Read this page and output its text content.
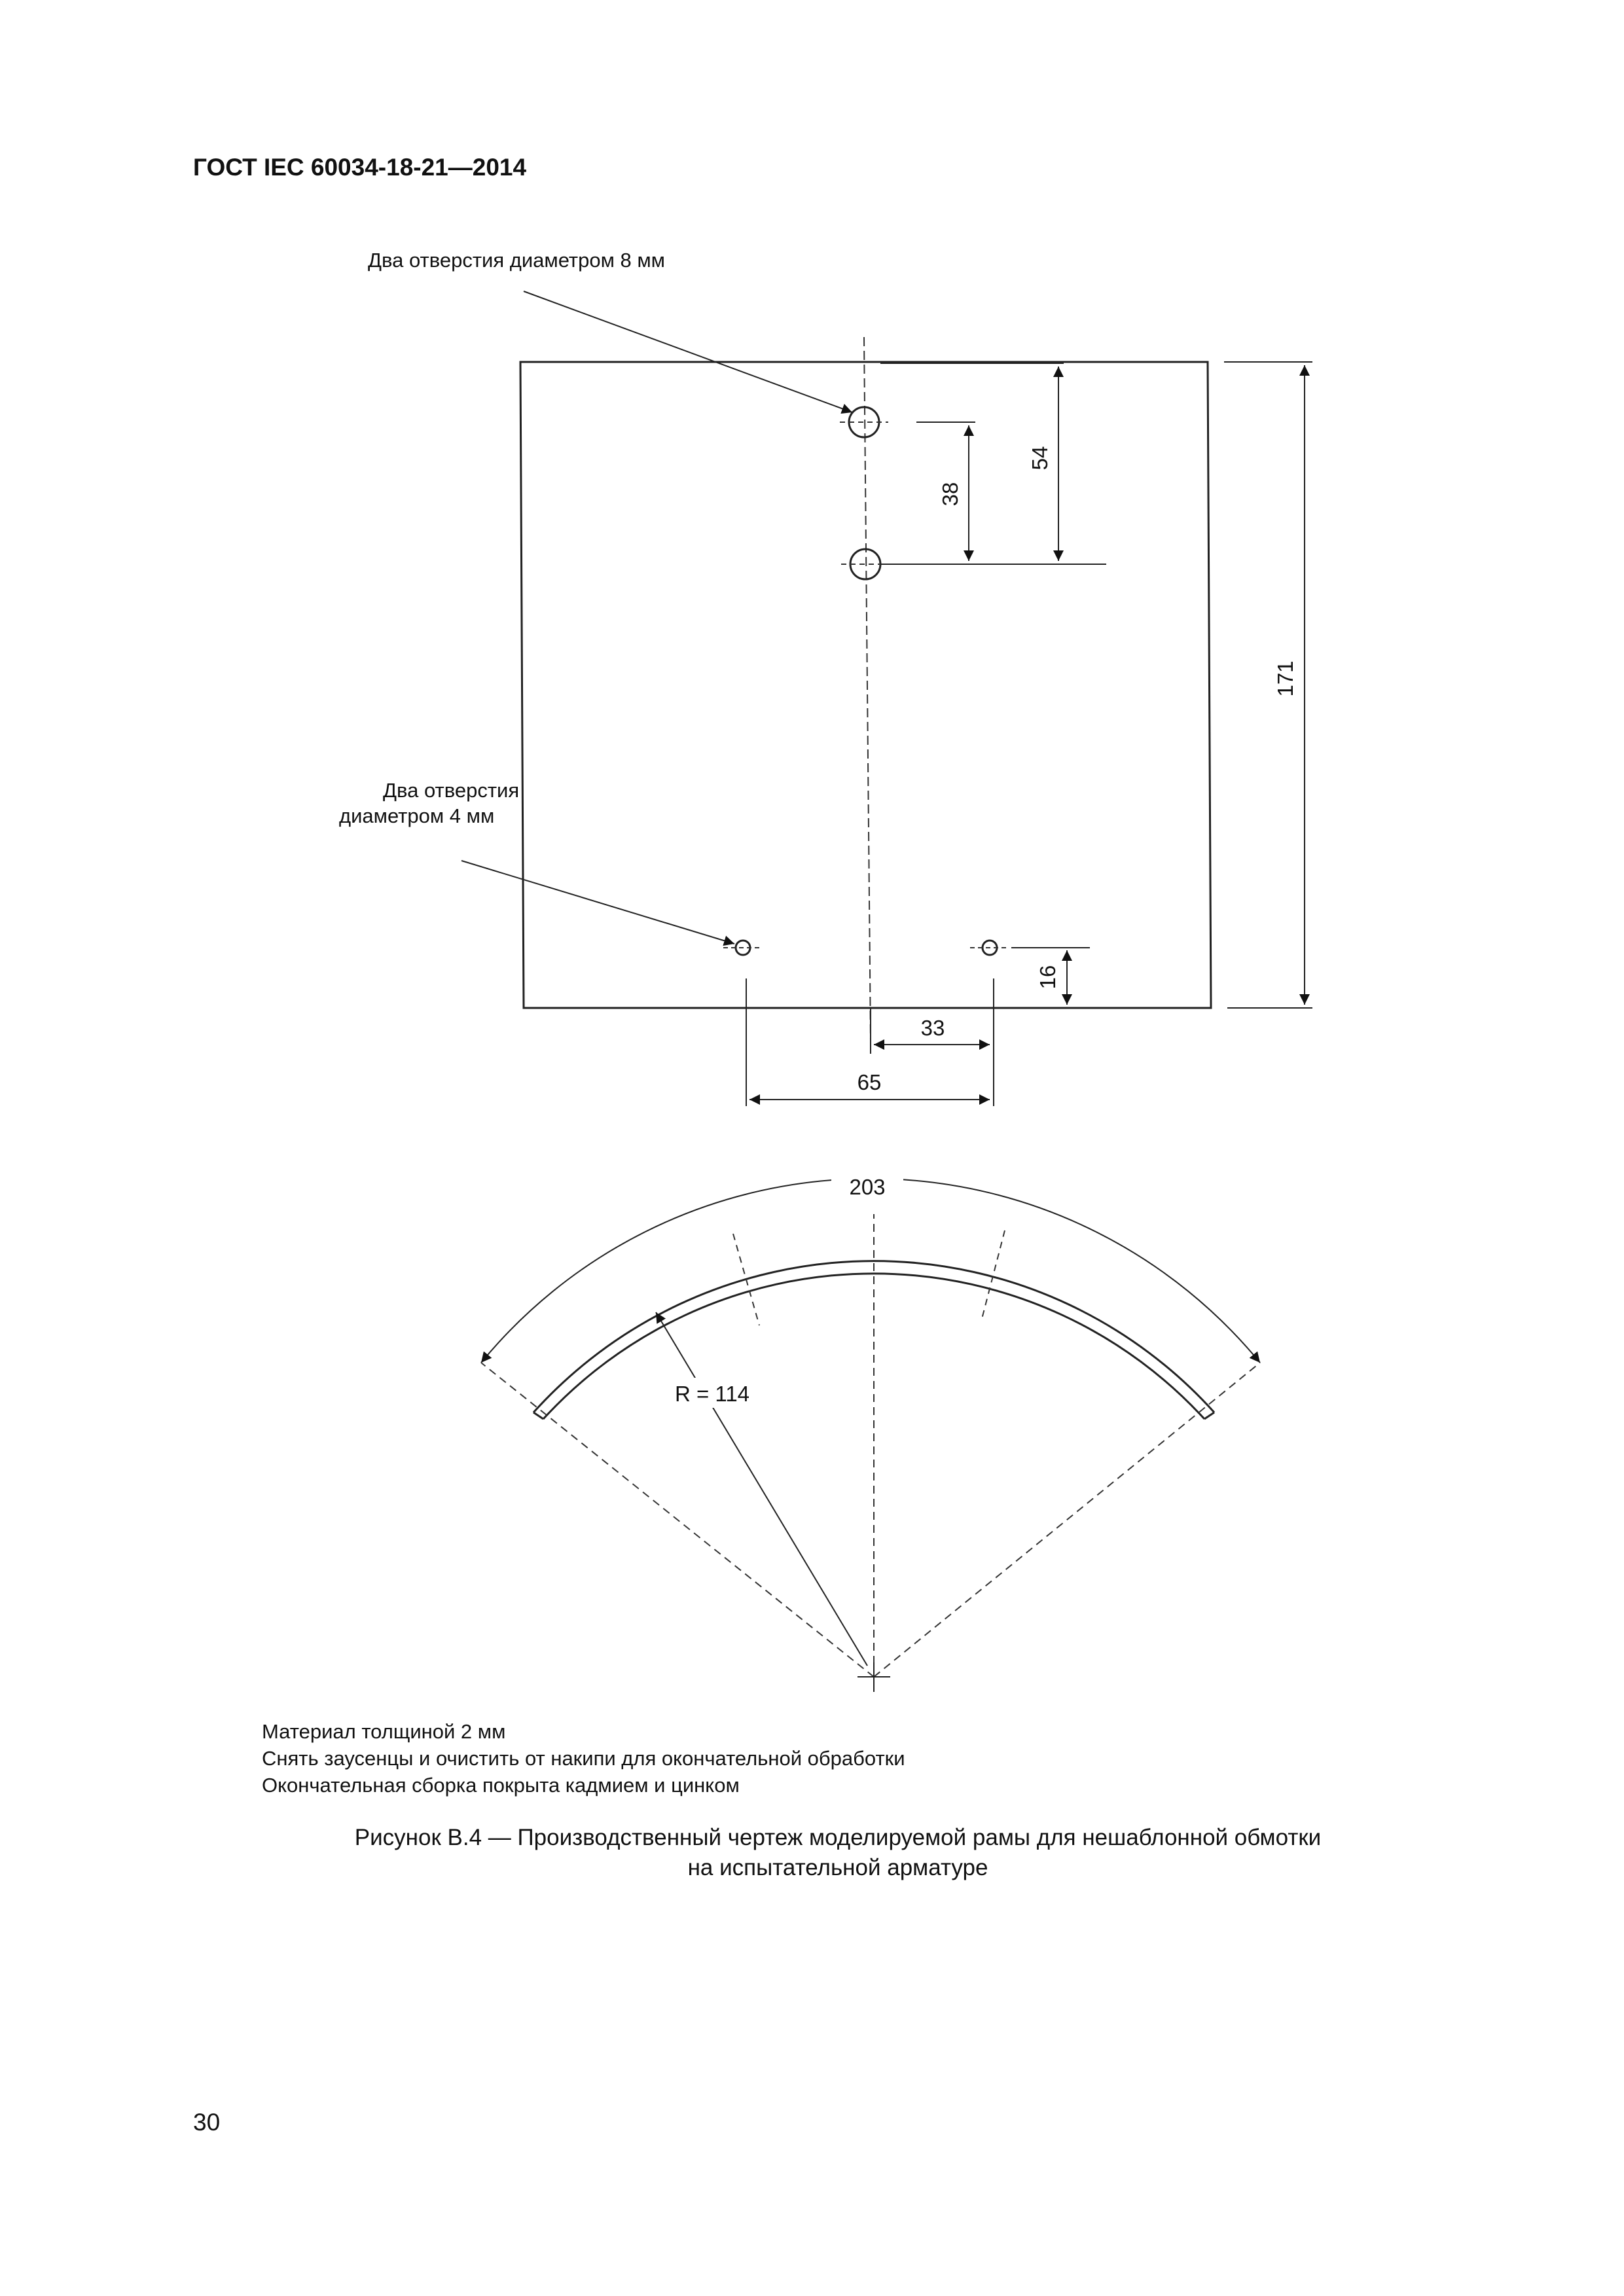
ГОСТ IEC 60034-18-21—2014
Два отверстия диаметром 8 мм
Два отверстия
диаметром 4 мм
54
38
171
16
33
65
203
R = 114
Материал толщиной 2 мм
Снять заусенцы и очистить от накипи для окончательной обработки
Окончательная сборка покрыта кадмием и цинком
Рисунок В.4 — Производственный чертеж моделируемой рамы для нешаблонной обмотки
на испытательной арматуре
30
